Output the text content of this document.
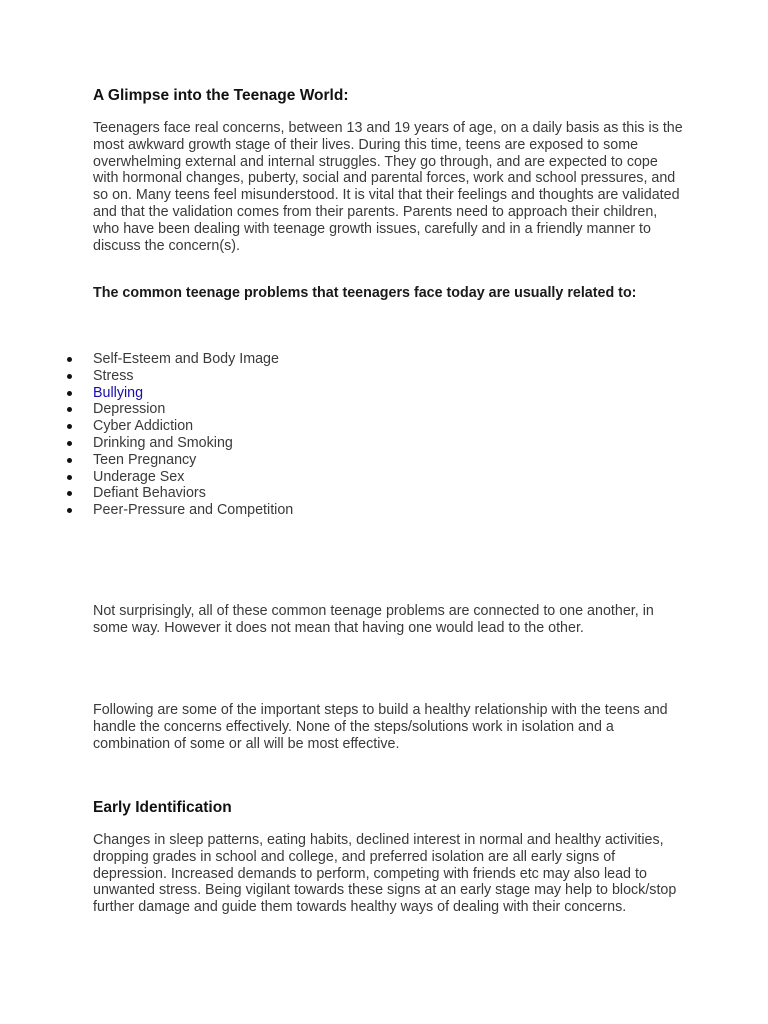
A Glimpse into the Teenage World:

Teenagers face real concerns, between 13 and 19 years of age, on a daily basis as this is the most awkward growth stage of their lives. During this time, teens are exposed to some overwhelming external and internal struggles. They go through, and are expected to cope with hormonal changes, puberty, social and parental forces, work and school pressures, and so on. Many teens feel misunderstood. It is vital that their feelings and thoughts are validated and that the validation comes from their parents. Parents need to approach their children, who have been dealing with teenage growth issues, carefully and in a friendly manner to discuss the concern(s).

The common teenage problems that teenagers face today are usually related to:

Self-Esteem and Body Image
Stress
Bullying
Depression
Cyber Addiction
Drinking and Smoking
Teen Pregnancy
Underage Sex
Defiant Behaviors
Peer-Pressure and Competition

Not surprisingly, all of these common teenage problems are connected to one another, in some way. However it does not mean that having one would lead to the other.

Following are some of the important steps to build a healthy relationship with the teens and handle the concerns effectively. None of the steps/solutions work in isolation and a combination of some or all will be most effective.

Early Identification

Changes in sleep patterns, eating habits, declined interest in normal and healthy activities, dropping grades in school and college, and preferred isolation are all early signs of depression. Increased demands to perform, competing with friends etc may also lead to unwanted stress. Being vigilant towards these signs at an early stage may help to block/stop further damage and guide them towards healthy ways of dealing with their concerns.
